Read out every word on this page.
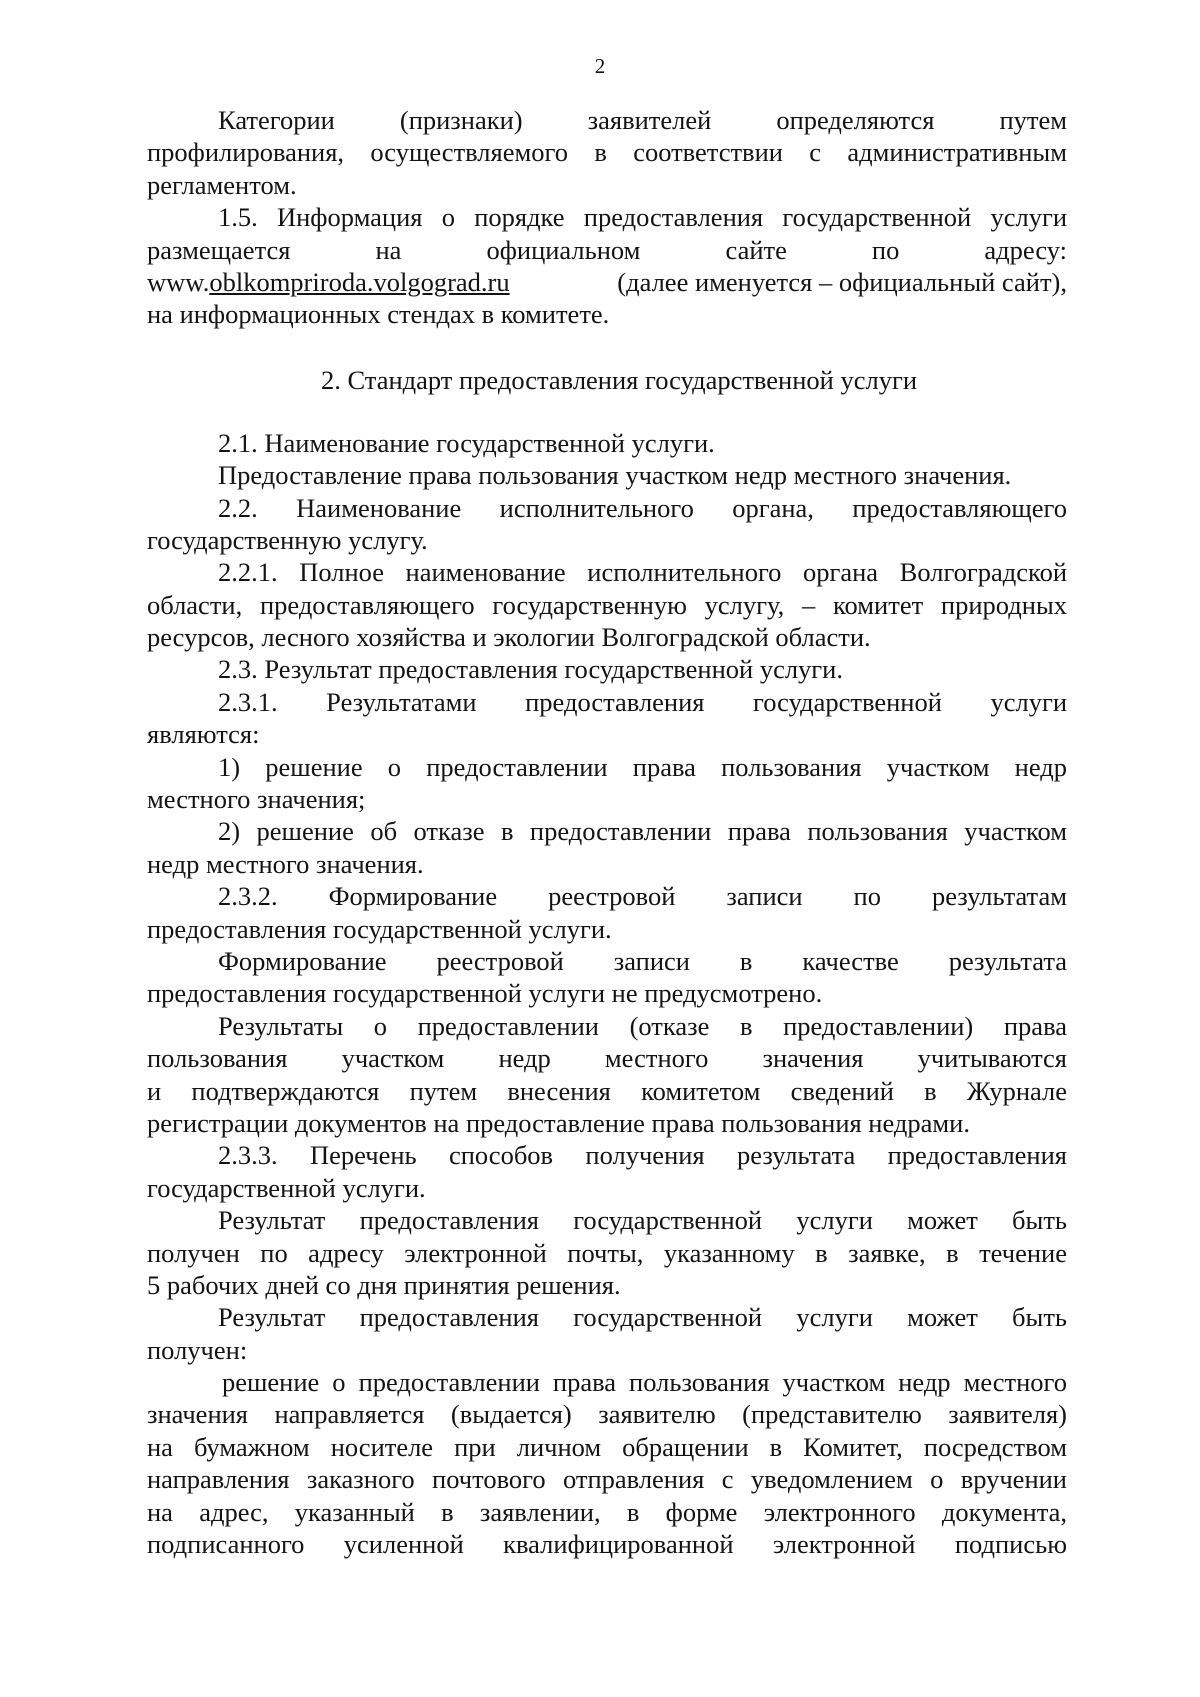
2
Категории (признаки) заявителей определяются путем
профилирования, осуществляемого в соответствии с административным
регламентом.
1.5. Информация о порядке предоставления государственной услуги
размещается на официальном сайте по адресу:
www.oblkompriroda.volgograd.ru	(далее именуется – официальный сайт),
на информационных стендах в комитете.
2. Стандарт предоставления государственной услуги
2.1. Наименование государственной услуги.
Предоставление права пользования участком недр местного значения.
2.2. Наименование исполнительного органа, предоставляющего
государственную услугу.
2.2.1. Полное наименование исполнительного органа Волгоградской
области, предоставляющего государственную услугу, – комитет природных
ресурсов, лесного хозяйства и экологии Волгоградской области.
2.3. Результат предоставления государственной услуги.
2.3.1. Результатами предоставления государственной услуги
являются:
1) решение о предоставлении права пользования участком недр
местного значения;
2) решение об отказе в предоставлении права пользования участком
недр местного значения.
2.3.2. Формирование реестровой записи по результатам
предоставления государственной услуги.
Формирование реестровой записи в качестве результата
предоставления государственной услуги не предусмотрено.
Результаты о предоставлении (отказе в предоставлении) права
пользования участком недр местного значения учитываются
и подтверждаются путем внесения комитетом сведений в Журнале
регистрации документов на предоставление права пользования недрами.
2.3.3. Перечень способов получения результата предоставления
государственной услуги.
Результат предоставления государственной услуги может быть
получен по адресу электронной почты, указанному в заявке, в течение
5 рабочих дней со дня принятия решения.
Результат предоставления государственной услуги может быть
получен:
решение о предоставлении права пользования участком недр местного
значения направляется (выдается) заявителю (представителю заявителя)
на бумажном носителе при личном обращении в Комитет, посредством
направления заказного почтового отправления с уведомлением о вручении
на адрес, указанный в заявлении, в форме электронного документа,
подписанного усиленной квалифицированной электронной подписью
